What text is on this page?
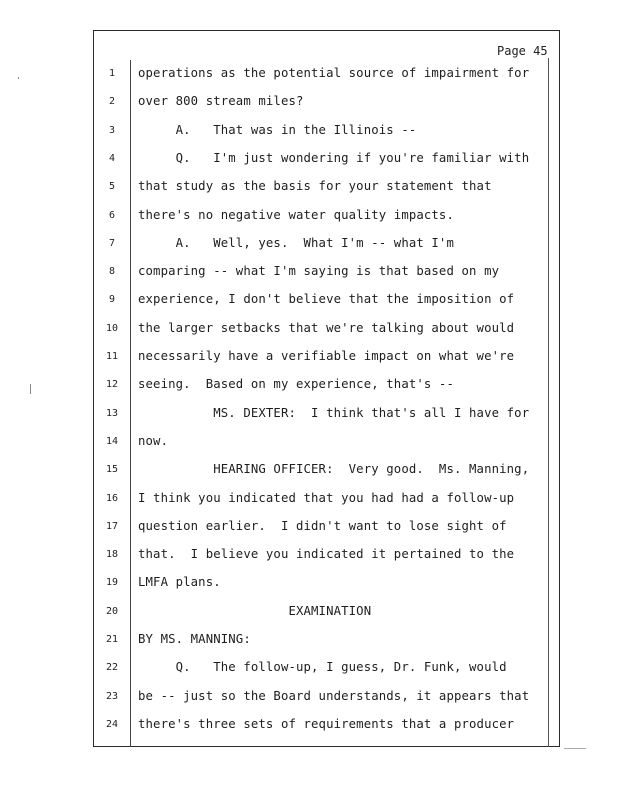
Page 45
1	operations as the potential source of impairment for
2	over 800 stream miles?
3	A.   That was in the Illinois --
4	Q.   I'm just wondering if you're familiar with
5	that study as the basis for your statement that
6	there's no negative water quality impacts.
7	A.   Well, yes.  What I'm -- what I'm
8	comparing -- what I'm saying is that based on my
9	experience, I don't believe that the imposition of
10 the larger setbacks that we're talking about would
11 necessarily have a verifiable impact on what we're
12 seeing.  Based on my experience, that's --
13 MS. DEXTER:  I think that's all I have for
14 now.
15 HEARING OFFICER:  Very good.  Ms. Manning,
16 I think you indicated that you had had a follow-up
17 question earlier.  I didn't want to lose sight of
18 that.  I believe you indicated it pertained to the
19 LMFA plans.
20 EXAMINATION
21 BY MS. MANNING:
22 Q.   The follow-up, I guess, Dr. Funk, would
23 be -- just so the Board understands, it appears that
24 there's three sets of requirements that a producer
